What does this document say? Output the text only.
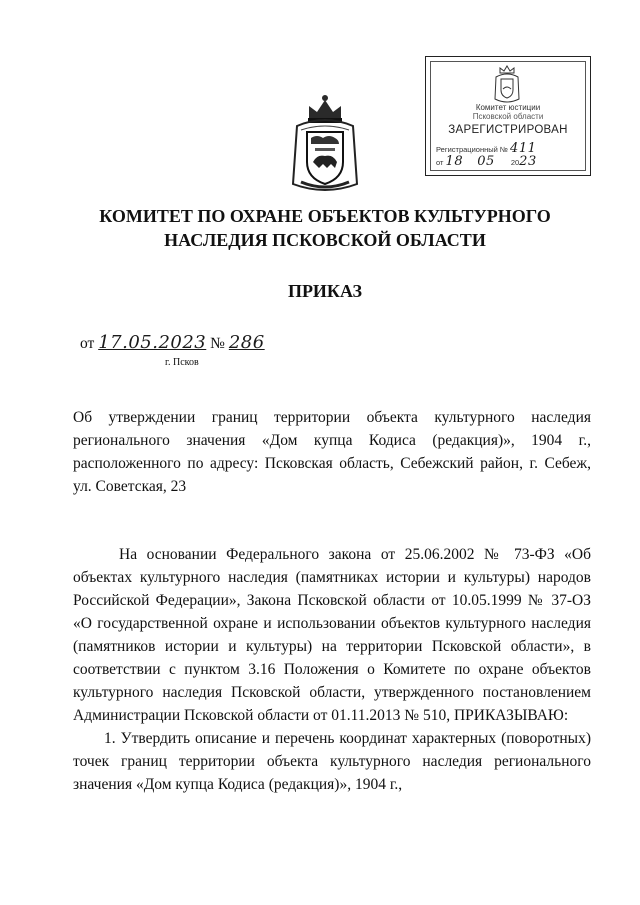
Комитет юстиции
Псковской области
ЗАРЕГИСТРИРОВАН
Регистрационный № 411
от 18 05 2023
КОМИТЕТ ПО ОХРАНЕ ОБЪЕКТОВ КУЛЬТУРНОГО
НАСЛЕДИЯ ПСКОВСКОЙ ОБЛАСТИ
ПРИКАЗ
от 17.05.2023 № 286
г. Псков
Об утверждении границ территории объекта культурного наследия регионального значения «Дом купца Кодиса (редакция)», 1904 г., расположенного по адресу: Псковская область, Себежский район, г. Себеж, ул. Советская, 23

На основании Федерального закона от 25.06.2002 № 73-ФЗ «Об объектах культурного наследия (памятниках истории и культуры) народов Российской Федерации», Закона Псковской области от 10.05.1999 № 37-ОЗ «О государственной охране и использовании объектов культурного наследия (памятников истории и культуры) на территории Псковской области», в соответствии с пунктом 3.16 Положения о Комитете по охране объектов культурного наследия Псковской области, утвержденного постановлением Администрации Псковской области от 01.11.2013 № 510, ПРИКАЗЫВАЮ:

1. Утвердить описание и перечень координат характерных (поворотных) точек границ территории объекта культурного наследия регионального значения «Дом купца Кодиса (редакция)», 1904 г.,
